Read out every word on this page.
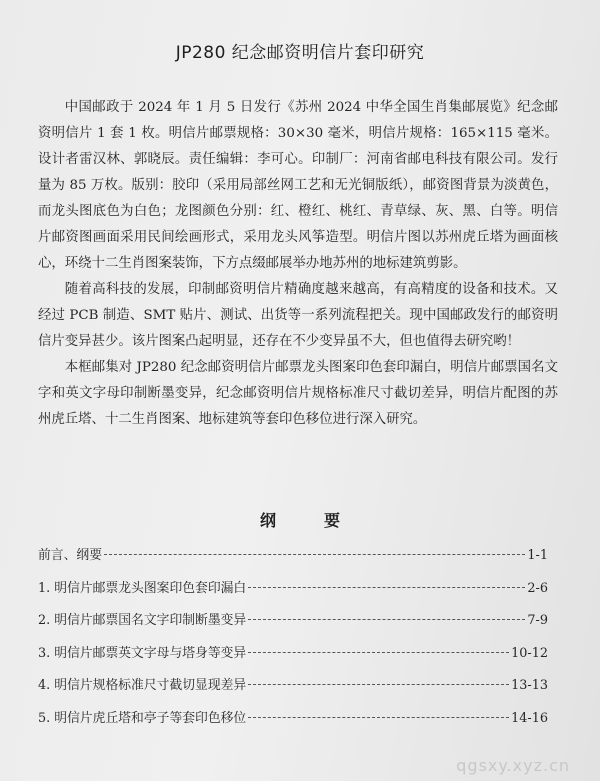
JP280 纪念邮资明信片套印研究

中国邮政于 2024 年 1 月 5 日发行《苏州 2024 中华全国生肖集邮展览》纪念邮资明信片 1 套 1 枚。明信片邮票规格：30×30 毫米，明信片规格：165×115 毫米。设计者雷汉林、郭晓辰。责任编辑：李可心。印制厂：河南省邮电科技有限公司。发行量为 85 万枚。版别：胶印（采用局部丝网工艺和无光铜版纸），邮资图背景为淡黄色，而龙头图底色为白色；龙图颜色分别：红、橙红、桃红、青草绿、灰、黑、白等。明信片邮资图画面采用民间绘画形式，采用龙头风筝造型。明信片图以苏州虎丘塔为画面核心，环绕十二生肖图案装饰，下方点缀邮展举办地苏州的地标建筑剪影。

随着高科技的发展，印制邮资明信片精确度越来越高，有高精度的设备和技术。又经过 PCB 制造、SMT 贴片、测试、出货等一系列流程把关。现中国邮政发行的邮资明信片变异甚少。该片图案凸起明显，还存在不少变异虽不大，但也值得去研究哟！

本框邮集对 JP280 纪念邮资明信片邮票龙头图案印色套印漏白，明信片邮票国名文字和英文字母印制断墨变异，纪念邮资明信片规格标准尺寸截切差异，明信片配图的苏州虎丘塔、十二生肖图案、地标建筑等套印色移位进行深入研究。

纲要
前言、纲要	1-1
1. 明信片邮票龙头图案印色套印漏白	2-6
2. 明信片邮票国名文字印制断墨变异	7-9
3. 明信片邮票英文字母与塔身等变异	10-12
4. 明信片规格标准尺寸截切显现差异	13-13
5. 明信片虎丘塔和亭子等套印色移位	14-16
qgsxy.xyz.cn
